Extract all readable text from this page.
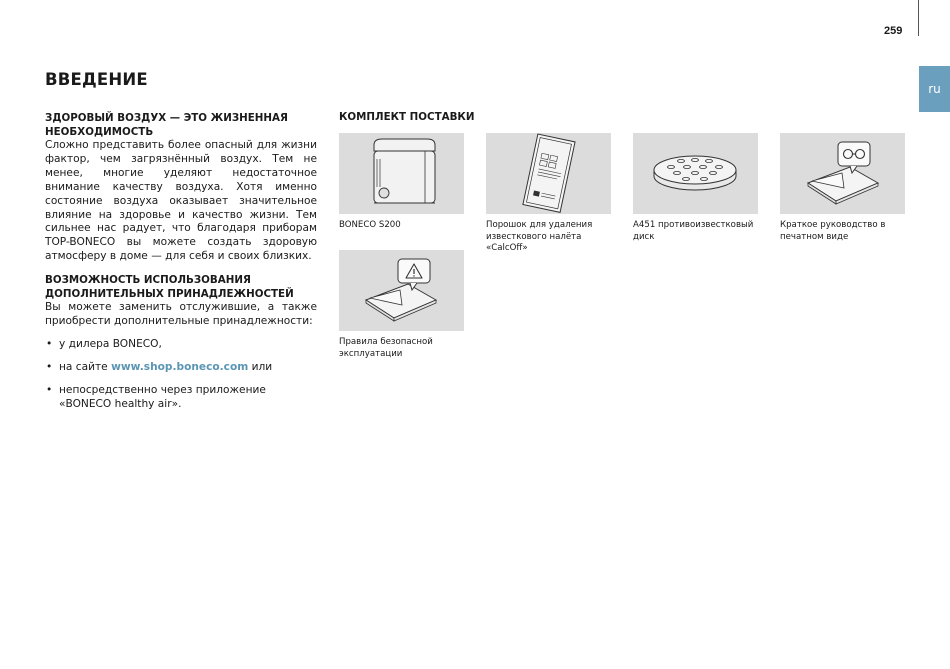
259
ru
ВВЕДЕНИЕ

ЗДОРОВЫЙ ВОЗДУХ — ЭТО ЖИЗНЕННАЯ НЕОБХОДИМОСТЬ

Сложно представить более опасный для жизни фактор, чем загрязнённый воздух. Тем не менее, многие уделяют недостаточное внимание качеству воздуха. Хотя именно состояние воздуха оказывает значительное влияние на здоровье и качество жизни. Тем сильнее нас радует, что благодаря приборам TOP-BONECO вы можете создать здоровую атмосферу в доме — для себя и своих близких.

ВОЗМОЖНОСТЬ ИСПОЛЬЗОВАНИЯ ДОПОЛНИТЕЛЬНЫХ ПРИНАДЛЕЖНОСТЕЙ

Вы можете заменить отслужившие, а также приобрести дополнительные принадлежности:

• у дилера BONECO,
• на сайте www.shop.boneco.com или
• непосредственно через приложение «BONECO healthy air».

КОМПЛЕКТ ПОСТАВКИ

BONECO S200	Порошок для удаления известкового налёта «CalcOff»
A451 противоизвестковый диск
Краткое руководство в печатном виде
Правила безопасной эксплуатации
